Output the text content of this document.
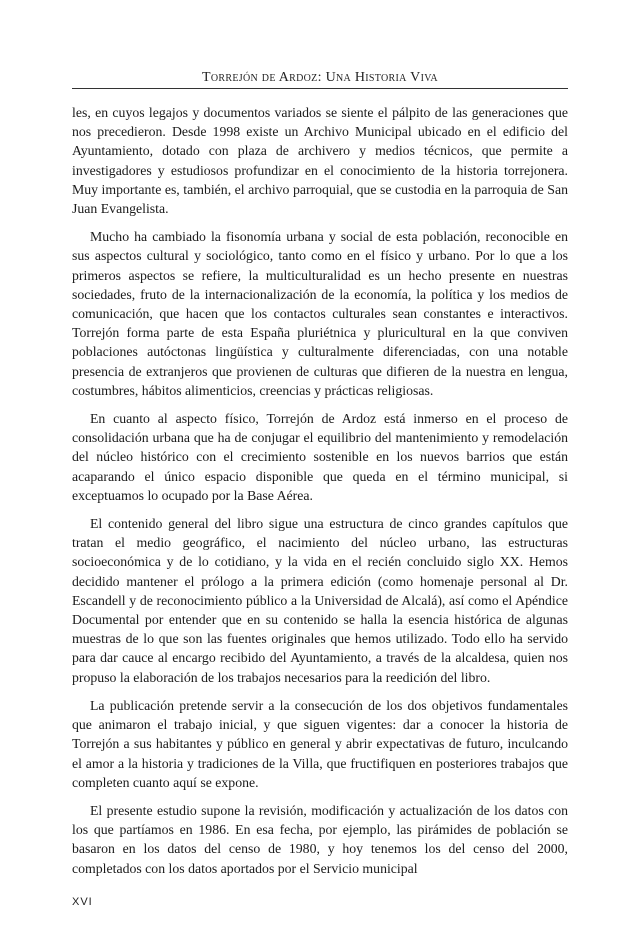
Torrejón de Ardoz: Una Historia Viva

les, en cuyos legajos y documentos variados se siente el pálpito de las generaciones que nos precedieron. Desde 1998 existe un Archivo Municipal ubicado en el edificio del Ayuntamiento, dotado con plaza de archivero y medios técnicos, que permite a investigadores y estudiosos profundizar en el conocimiento de la historia torrejonera. Muy importante es, también, el archivo parroquial, que se custodia en la parroquia de San Juan Evangelista.

Mucho ha cambiado la fisonomía urbana y social de esta población, reconocible en sus aspectos cultural y sociológico, tanto como en el físico y urbano. Por lo que a los primeros aspectos se refiere, la multiculturalidad es un hecho presente en nuestras sociedades, fruto de la internacionalización de la economía, la política y los medios de comunicación, que hacen que los contactos culturales sean constantes e interactivos. Torrejón forma parte de esta España pluriétnica y pluricultural en la que conviven poblaciones autóctonas lingüística y culturalmente diferenciadas, con una notable presencia de extranjeros que provienen de culturas que difieren de la nuestra en lengua, costumbres, hábitos alimenticios, creencias y prácticas religiosas.

En cuanto al aspecto físico, Torrejón de Ardoz está inmerso en el proceso de consolidación urbana que ha de conjugar el equilibrio del mantenimiento y remodelación del núcleo histórico con el crecimiento sostenible en los nuevos barrios que están acaparando el único espacio disponible que queda en el término municipal, si exceptuamos lo ocupado por la Base Aérea.

El contenido general del libro sigue una estructura de cinco grandes capítulos que tratan el medio geográfico, el nacimiento del núcleo urbano, las estructuras socioeconómica y de lo cotidiano, y la vida en el recién concluido siglo XX. Hemos decidido mantener el prólogo a la primera edición (como homenaje personal al Dr. Escandell y de reconocimiento público a la Universidad de Alcalá), así como el Apéndice Documental por entender que en su contenido se halla la esencia histórica de algunas muestras de lo que son las fuentes originales que hemos utilizado. Todo ello ha servido para dar cauce al encargo recibido del Ayuntamiento, a través de la alcaldesa, quien nos propuso la elaboración de los trabajos necesarios para la reedición del libro.

La publicación pretende servir a la consecución de los dos objetivos fundamentales que animaron el trabajo inicial, y que siguen vigentes: dar a conocer la historia de Torrejón a sus habitantes y público en general y abrir expectativas de futuro, inculcando el amor a la historia y tradiciones de la Villa, que fructifiquen en posteriores trabajos que completen cuanto aquí se expone.

El presente estudio supone la revisión, modificación y actualización de los datos con los que partíamos en 1986. En esa fecha, por ejemplo, las pirámides de población se basaron en los datos del censo de 1980, y hoy tenemos los del censo del 2000, completados con los datos aportados por el Servicio municipal

XVI
